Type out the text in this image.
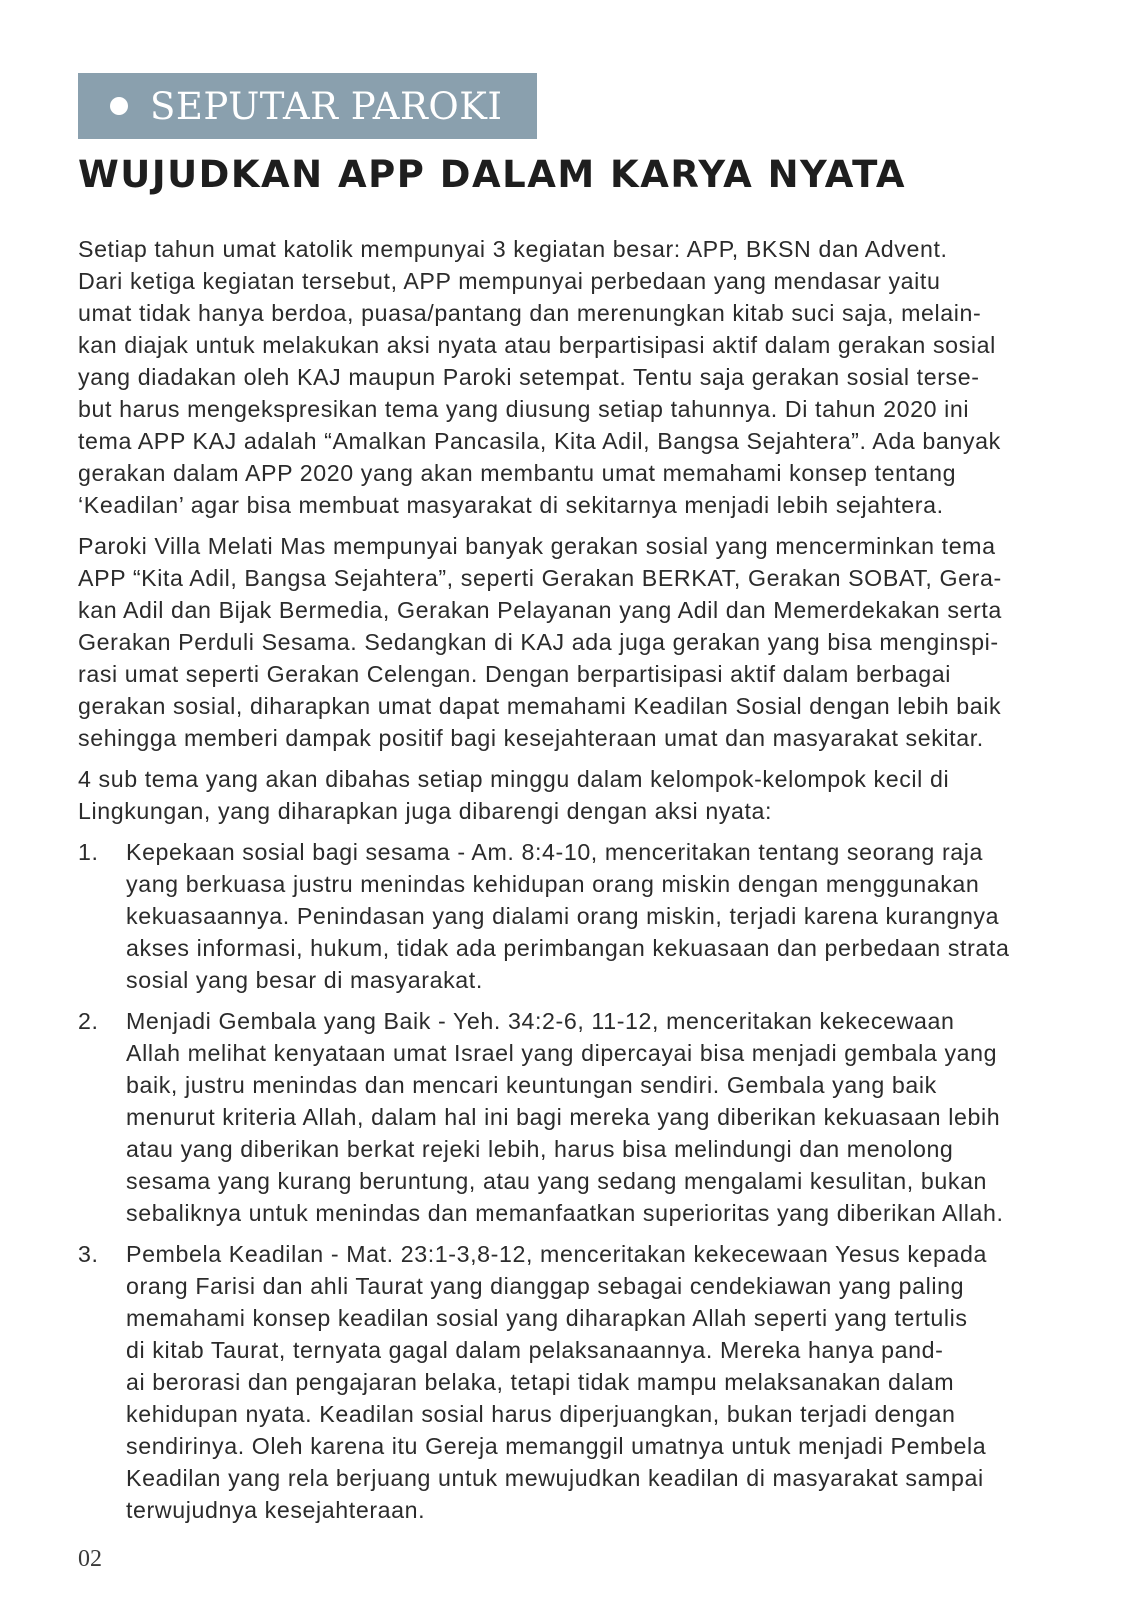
SEPUTAR PAROKI
WUJUDKAN APP DALAM KARYA NYATA

Setiap tahun umat katolik mempunyai 3 kegiatan besar: APP, BKSN dan Advent.
Dari ketiga kegiatan tersebut, APP mempunyai perbedaan yang mendasar yaitu
umat tidak hanya berdoa, puasa/pantang dan merenungkan kitab suci saja, melain-
kan diajak untuk melakukan aksi nyata atau berpartisipasi aktif dalam gerakan sosial
yang diadakan oleh KAJ maupun Paroki setempat. Tentu saja gerakan sosial terse-
but harus mengekspresikan tema yang diusung setiap tahunnya. Di tahun 2020 ini
tema APP KAJ adalah “Amalkan Pancasila, Kita Adil, Bangsa Sejahtera”. Ada banyak
gerakan dalam APP 2020 yang akan membantu umat memahami konsep tentang
‘Keadilan’ agar bisa membuat masyarakat di sekitarnya menjadi lebih sejahtera.

Paroki Villa Melati Mas mempunyai banyak gerakan sosial yang mencerminkan tema
APP “Kita Adil, Bangsa Sejahtera”, seperti Gerakan BERKAT, Gerakan SOBAT, Gera-
kan Adil dan Bijak Bermedia, Gerakan Pelayanan yang Adil dan Memerdekakan serta
Gerakan Perduli Sesama. Sedangkan di KAJ ada juga gerakan yang bisa menginspi-
rasi umat seperti Gerakan Celengan. Dengan berpartisipasi aktif dalam berbagai
gerakan sosial, diharapkan umat dapat memahami Keadilan Sosial dengan lebih baik
sehingga memberi dampak positif bagi kesejahteraan umat dan masyarakat sekitar.

4 sub tema yang akan dibahas setiap minggu dalam kelompok-kelompok kecil di
Lingkungan, yang diharapkan juga dibarengi dengan aksi nyata:

1.	Kepekaan sosial bagi sesama - Am. 8:4-10, menceritakan tentang seorang raja
yang berkuasa justru menindas kehidupan orang miskin dengan menggunakan
kekuasaannya. Penindasan yang dialami orang miskin, terjadi karena kurangnya
akses informasi, hukum, tidak ada perimbangan kekuasaan dan perbedaan strata
sosial yang besar di masyarakat.
2.	Menjadi Gembala yang Baik - Yeh. 34:2-6, 11-12, menceritakan kekecewaan
Allah melihat kenyataan umat Israel yang dipercayai bisa menjadi gembala yang
baik, justru menindas dan mencari keuntungan sendiri. Gembala yang baik
menurut kriteria Allah, dalam hal ini bagi mereka yang diberikan kekuasaan lebih
atau yang diberikan berkat rejeki lebih, harus bisa melindungi dan menolong
sesama yang kurang beruntung, atau yang sedang mengalami kesulitan, bukan
sebaliknya untuk menindas dan memanfaatkan superioritas yang diberikan Allah.
3.	Pembela Keadilan - Mat. 23:1-3,8-12, menceritakan kekecewaan Yesus kepada
orang Farisi dan ahli Taurat yang dianggap sebagai cendekiawan yang paling
memahami konsep keadilan sosial yang diharapkan Allah seperti yang tertulis
di kitab Taurat, ternyata gagal dalam pelaksanaannya. Mereka hanya pand-
ai berorasi dan pengajaran belaka, tetapi tidak mampu melaksanakan dalam
kehidupan nyata. Keadilan sosial harus diperjuangkan, bukan terjadi dengan
sendirinya. Oleh karena itu Gereja memanggil umatnya untuk menjadi Pembela
Keadilan yang rela berjuang untuk mewujudkan keadilan di masyarakat sampai
terwujudnya kesejahteraan.
02
